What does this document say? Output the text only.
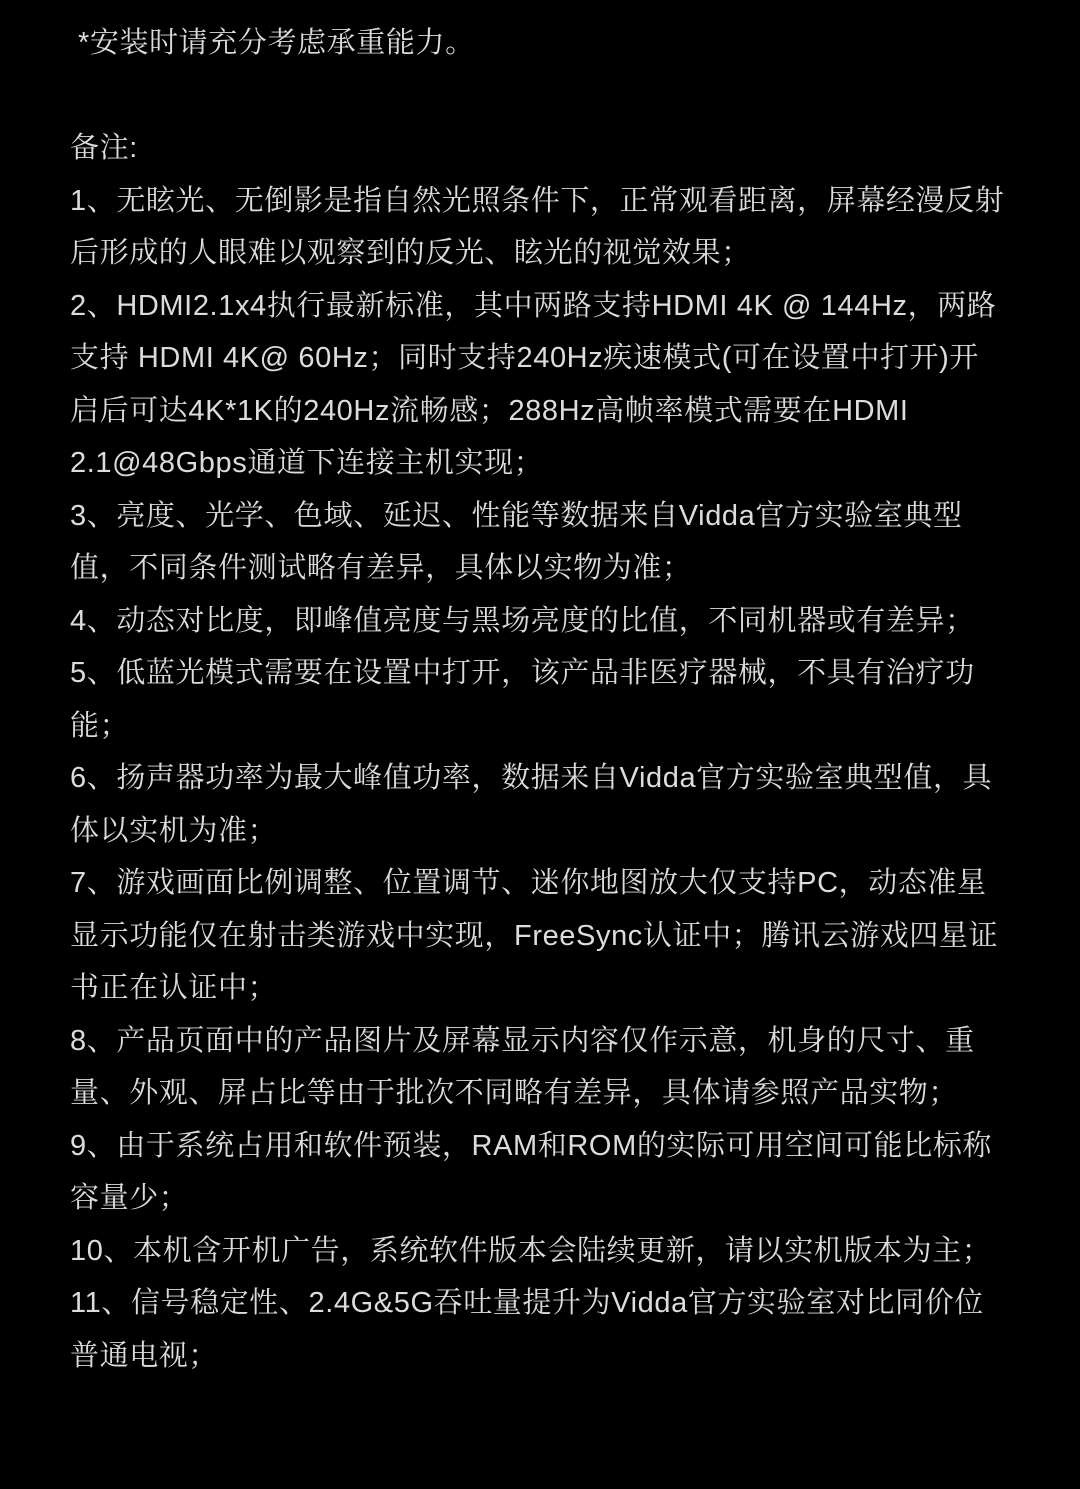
*安装时请充分考虑承重能力。
备注:
1、无眩光、无倒影是指自然光照条件下，正常观看距离，屏幕经漫反射
后形成的人眼难以观察到的反光、眩光的视觉效果；
2、HDMI2.1x4执行最新标准，其中两路支持HDMI 4K @ 144Hz，两路
支持 HDMI 4K@ 60Hz；同时支持240Hz疾速模式(可在设置中打开)开
启后可达4K*1K的240Hz流畅感；288Hz高帧率模式需要在HDMI
2.1@48Gbps通道下连接主机实现；
3、亮度、光学、色域、延迟、性能等数据来自Vidda官方实验室典型
值，不同条件测试略有差异，具体以实物为准；
4、动态对比度，即峰值亮度与黑场亮度的比值，不同机器或有差异；
5、低蓝光模式需要在设置中打开，该产品非医疗器械，不具有治疗功
能；
6、扬声器功率为最大峰值功率，数据来自Vidda官方实验室典型值，具
体以实机为准；
7、游戏画面比例调整、位置调节、迷你地图放大仅支持PC，动态准星
显示功能仅在射击类游戏中实现，FreeSync认证中；腾讯云游戏四星证
书正在认证中；
8、产品页面中的产品图片及屏幕显示内容仅作示意，机身的尺寸、重
量、外观、屏占比等由于批次不同略有差异，具体请参照产品实物；
9、由于系统占用和软件预装，RAM和ROM的实际可用空间可能比标称
容量少；
10、本机含开机广告，系统软件版本会陆续更新，请以实机版本为主；
11、信号稳定性、2.4G&5G吞吐量提升为Vidda官方实验室对比同价位
普通电视；
